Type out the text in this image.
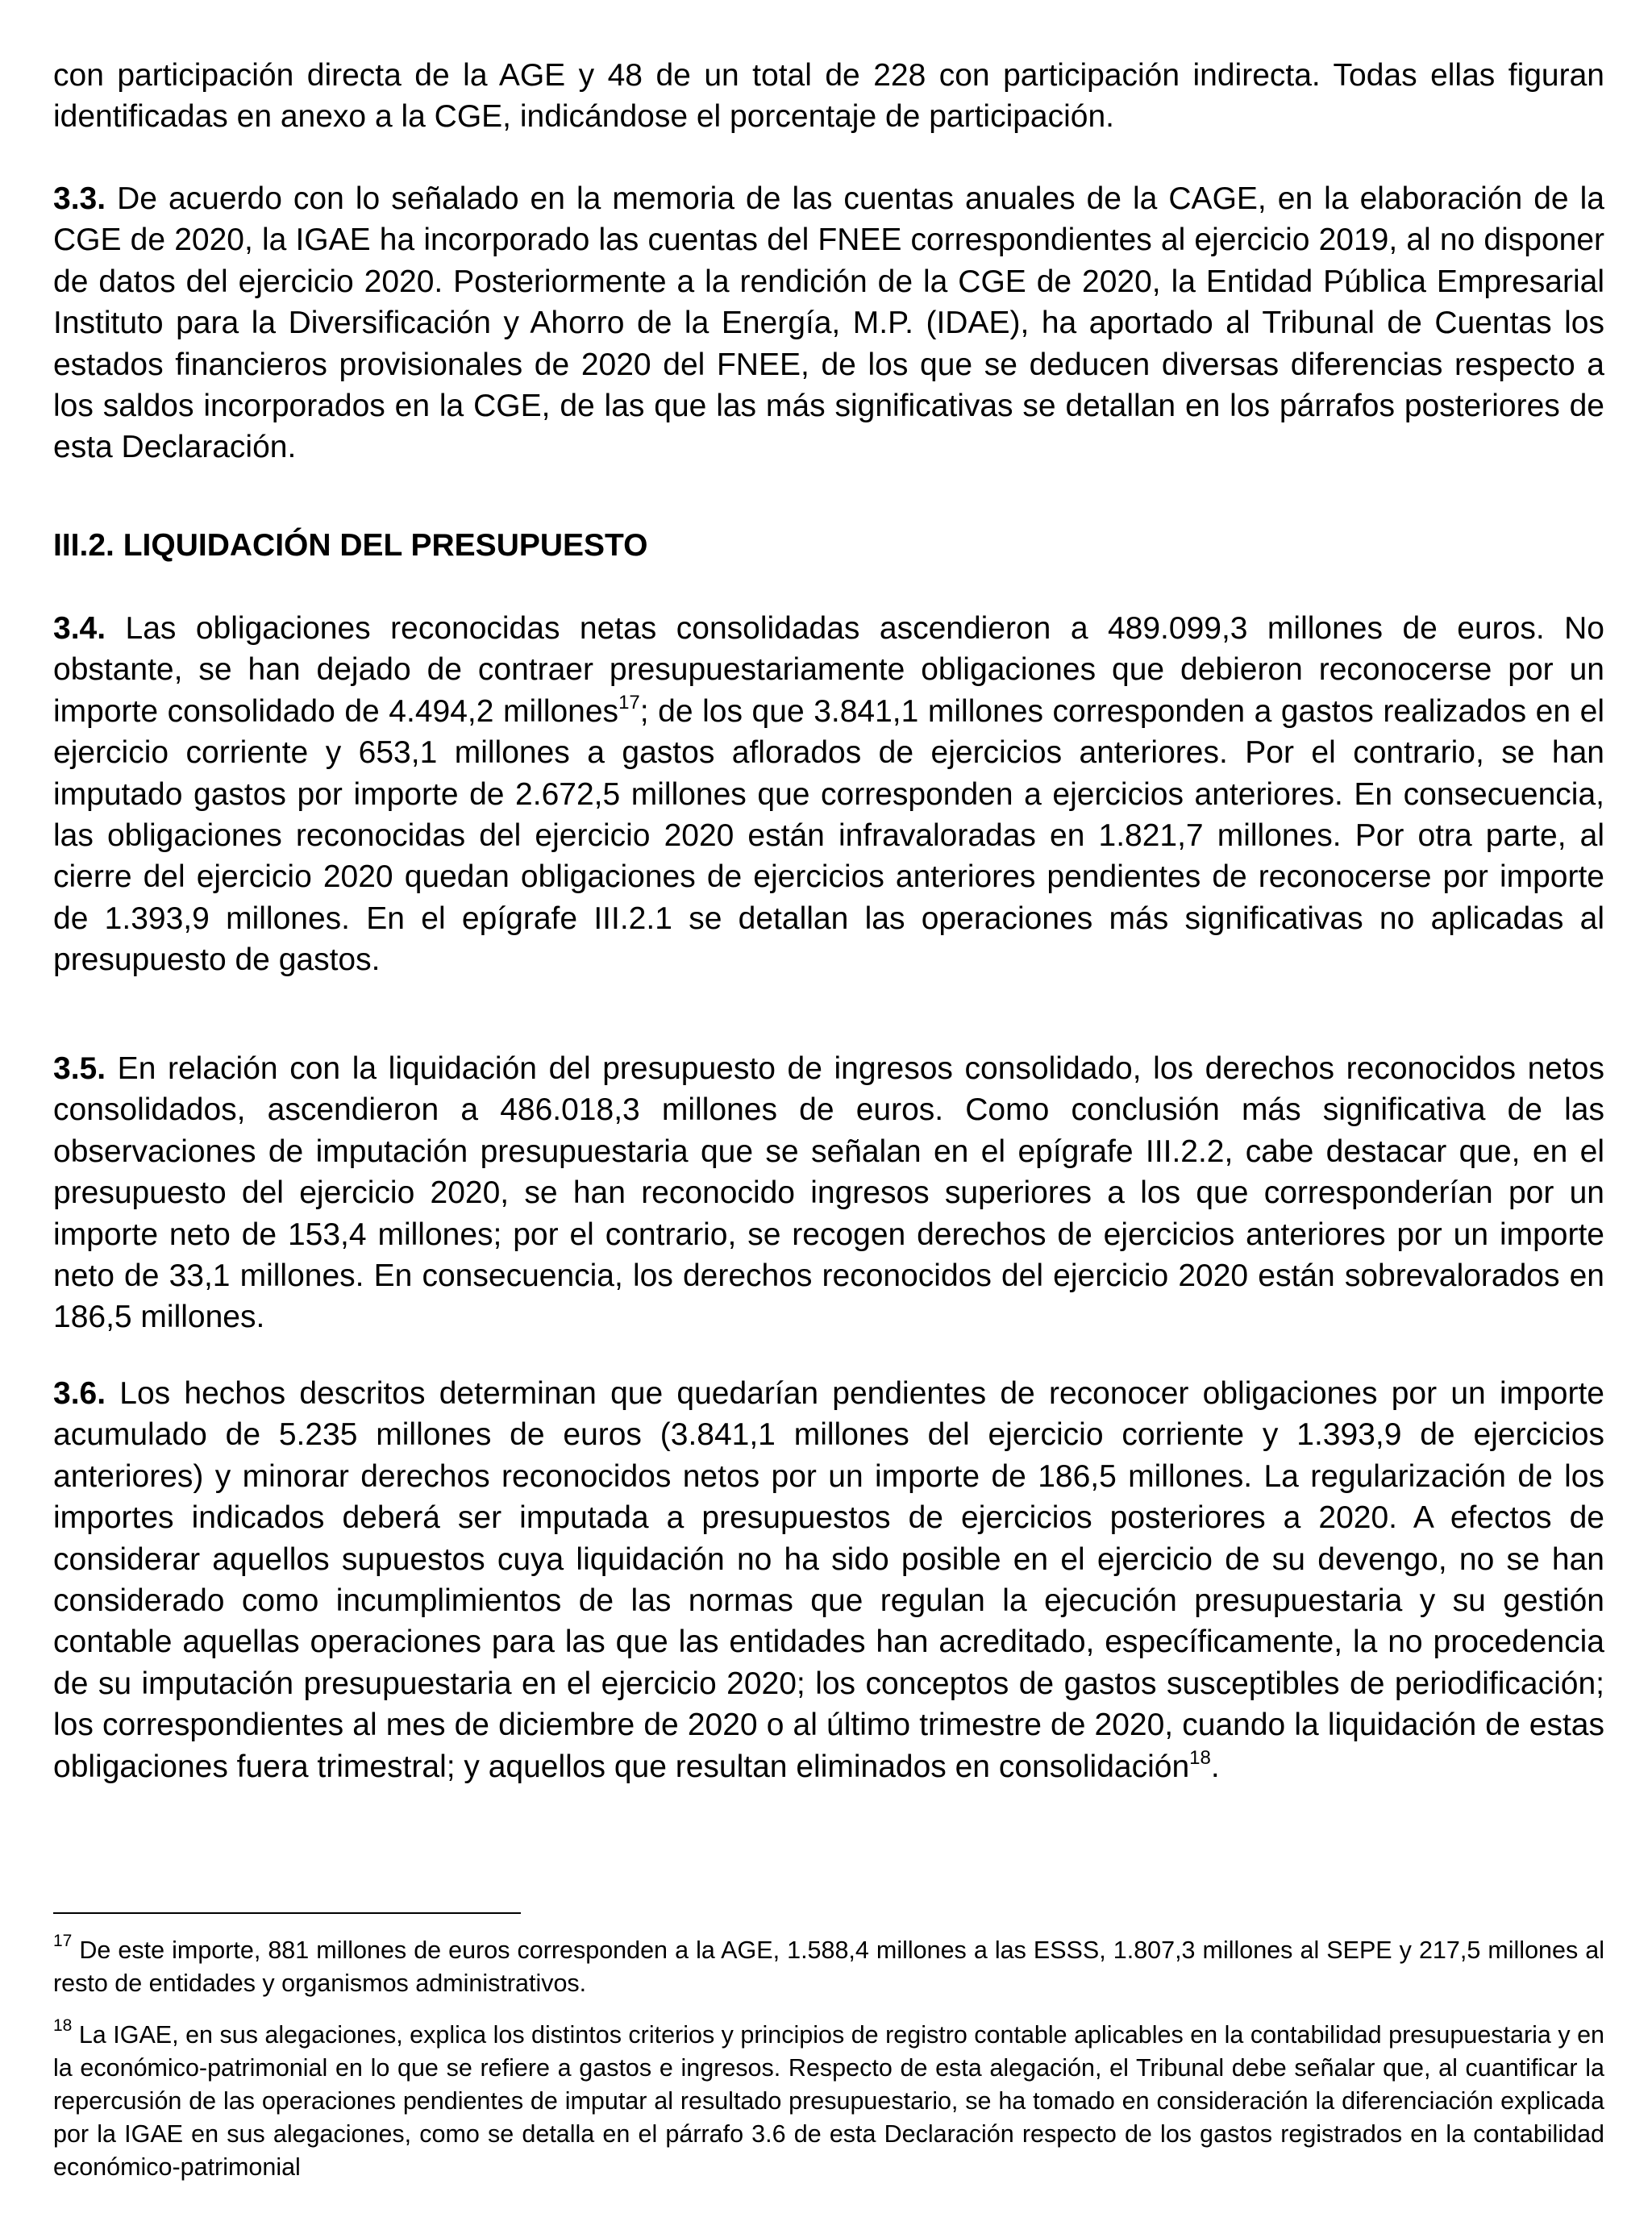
con participación directa de la AGE y 48 de un total de 228 con participación indirecta. Todas ellas figuran identificadas en anexo a la CGE, indicándose el porcentaje de participación.

3.3. De acuerdo con lo señalado en la memoria de las cuentas anuales de la CAGE, en la elaboración de la CGE de 2020, la IGAE ha incorporado las cuentas del FNEE correspondientes al ejercicio 2019, al no disponer de datos del ejercicio 2020. Posteriormente a la rendición de la CGE de 2020, la Entidad Pública Empresarial Instituto para la Diversificación y Ahorro de la Energía, M.P. (IDAE), ha aportado al Tribunal de Cuentas los estados financieros provisionales de 2020 del FNEE, de los que se deducen diversas diferencias respecto a los saldos incorporados en la CGE, de las que las más significativas se detallan en los párrafos posteriores de esta Declaración.

III.2. LIQUIDACIÓN DEL PRESUPUESTO

3.4. Las obligaciones reconocidas netas consolidadas ascendieron a 489.099,3 millones de euros. No obstante, se han dejado de contraer presupuestariamente obligaciones que debieron reconocerse por un importe consolidado de 4.494,2 millones$^{17}$; de los que 3.841,1 millones corresponden a gastos realizados en el ejercicio corriente y 653,1 millones a gastos aflorados de ejercicios anteriores. Por el contrario, se han imputado gastos por importe de 2.672,5 millones que corresponden a ejercicios anteriores. En consecuencia, las obligaciones reconocidas del ejercicio 2020 están infravaloradas en 1.821,7 millones. Por otra parte, al cierre del ejercicio 2020 quedan obligaciones de ejercicios anteriores pendientes de reconocerse por importe de 1.393,9 millones. En el epígrafe III.2.1 se detallan las operaciones más significativas no aplicadas al presupuesto de gastos.

3.5. En relación con la liquidación del presupuesto de ingresos consolidado, los derechos reconocidos netos consolidados, ascendieron a 486.018,3 millones de euros. Como conclusión más significativa de las observaciones de imputación presupuestaria que se señalan en el epígrafe III.2.2, cabe destacar que, en el presupuesto del ejercicio 2020, se han reconocido ingresos superiores a los que corresponderían por un importe neto de 153,4 millones; por el contrario, se recogen derechos de ejercicios anteriores por un importe neto de 33,1 millones. En consecuencia, los derechos reconocidos del ejercicio 2020 están sobrevalorados en 186,5 millones.

3.6. Los hechos descritos determinan que quedarían pendientes de reconocer obligaciones por un importe acumulado de 5.235 millones de euros (3.841,1 millones del ejercicio corriente y 1.393,9 de ejercicios anteriores) y minorar derechos reconocidos netos por un importe de 186,5 millones. La regularización de los importes indicados deberá ser imputada a presupuestos de ejercicios posteriores a 2020. A efectos de considerar aquellos supuestos cuya liquidación no ha sido posible en el ejercicio de su devengo, no se han considerado como incumplimientos de las normas que regulan la ejecución presupuestaria y su gestión contable aquellas operaciones para las que las entidades han acreditado, específicamente, la no procedencia de su imputación presupuestaria en el ejercicio 2020; los conceptos de gastos susceptibles de periodificación; los correspondientes al mes de diciembre de 2020 o al último trimestre de 2020, cuando la liquidación de estas obligaciones fuera trimestral; y aquellos que resultan eliminados en consolidación$^{18}$.

$^{17}$ De este importe, 881 millones de euros corresponden a la AGE, 1.588,4 millones a las ESSS, 1.807,3 millones al SEPE y 217,5 millones al resto de entidades y organismos administrativos.

$^{18}$ La IGAE, en sus alegaciones, explica los distintos criterios y principios de registro contable aplicables en la contabilidad presupuestaria y en la económico-patrimonial en lo que se refiere a gastos e ingresos. Respecto de esta alegación, el Tribunal debe señalar que, al cuantificar la repercusión de las operaciones pendientes de imputar al resultado presupuestario, se ha tomado en consideración la diferenciación explicada por la IGAE en sus alegaciones, como se detalla en el párrafo 3.6 de esta Declaración respecto de los gastos registrados en la contabilidad económico-patrimonial
